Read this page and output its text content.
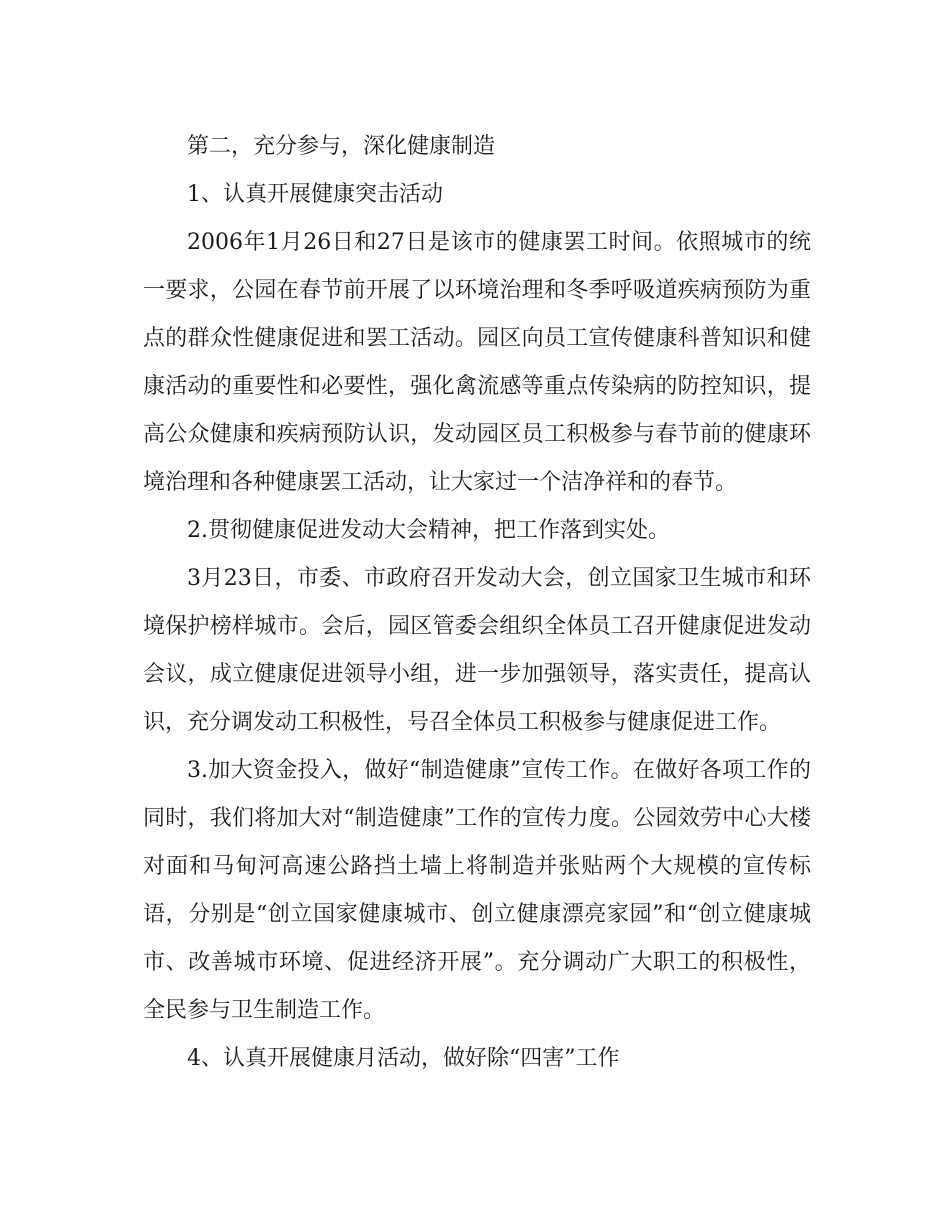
第二，充分参与，深化健康制造

1、认真开展健康突击活动

2006年1月26日和27日是该市的健康罢工时间。依照城市的统一要求，公园在春节前开展了以环境治理和冬季呼吸道疾病预防为重点的群众性健康促进和罢工活动。园区向员工宣传健康科普知识和健康活动的重要性和必要性，强化禽流感等重点传染病的防控知识，提高公众健康和疾病预防认识，发动园区员工积极参与春节前的健康环境治理和各种健康罢工活动，让大家过一个洁净祥和的春节。

2.贯彻健康促进发动大会精神，把工作落到实处。

3月23日，市委、市政府召开发动大会，创立国家卫生城市和环境保护榜样城市。会后，园区管委会组织全体员工召开健康促进发动会议，成立健康促进领导小组，进一步加强领导，落实责任，提高认识，充分调发动工积极性，号召全体员工积极参与健康促进工作。

3.加大资金投入，做好“制造健康”宣传工作。在做好各项工作的同时，我们将加大对“制造健康”工作的宣传力度。公园效劳中心大楼对面和马甸河高速公路挡土墙上将制造并张贴两个大规模的宣传标语，分别是“创立国家健康城市、创立健康漂亮家园”和“创立健康城市、改善城市环境、促进经济开展”。充分调动广大职工的积极性，全民参与卫生制造工作。

4、认真开展健康月活动，做好除“四害”工作
